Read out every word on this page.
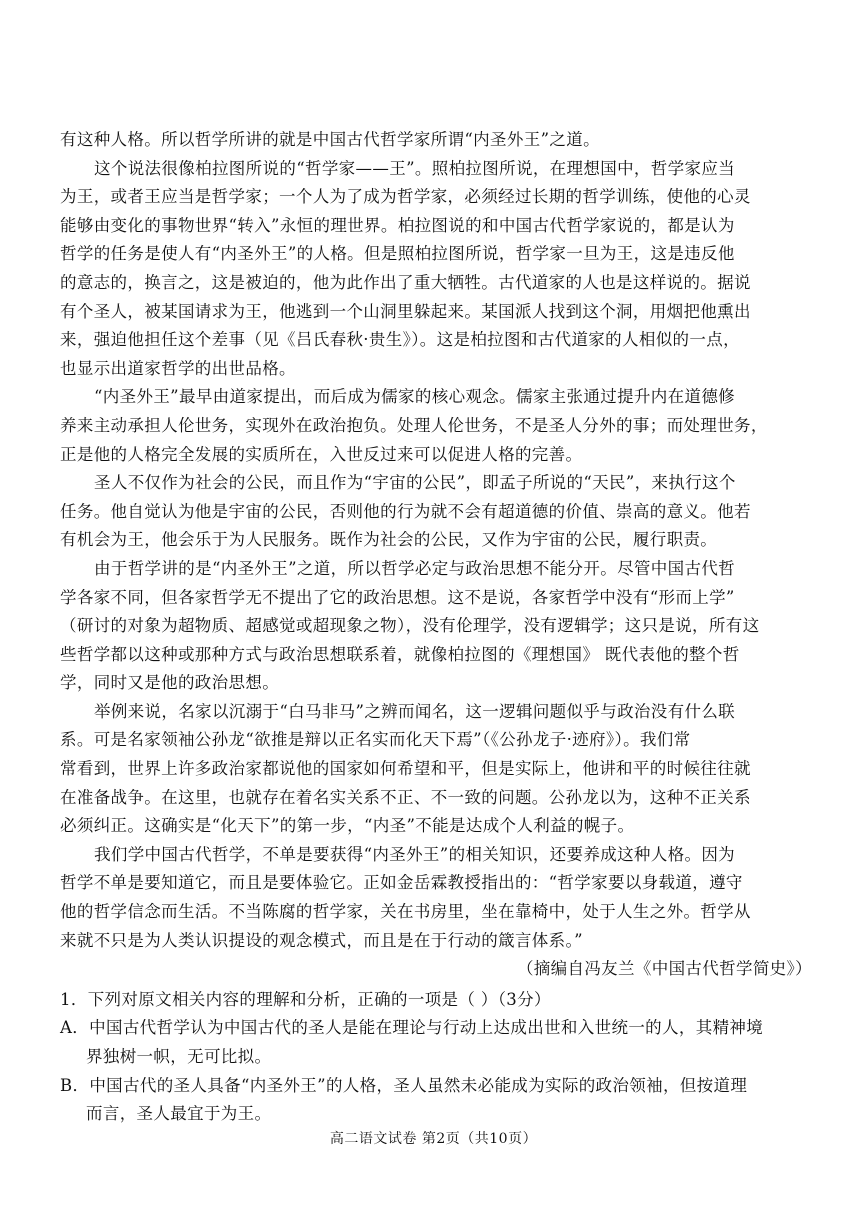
有这种人格。所以哲学所讲的就是中国古代哲学家所谓“内圣外王”之道。
这个说法很像柏拉图所说的“哲学家——王”。照柏拉图所说，在理想国中，哲学家应当
为王，或者王应当是哲学家；一个人为了成为哲学家，必须经过长期的哲学训练，使他的心灵
能够由变化的事物世界“转入”永恒的理世界。柏拉图说的和中国古代哲学家说的，都是认为
哲学的任务是使人有“内圣外王”的人格。但是照柏拉图所说，哲学家一旦为王，这是违反他
的意志的，换言之，这是被迫的，他为此作出了重大牺牲。古代道家的人也是这样说的。据说
有个圣人，被某国请求为王，他逃到一个山洞里躲起来。某国派人找到这个洞，用烟把他熏出
来，强迫他担任这个差事（见《吕氏春秋·贵生》）。这是柏拉图和古代道家的人相似的一点，
也显示出道家哲学的出世品格。
“内圣外王”最早由道家提出，而后成为儒家的核心观念。儒家主张通过提升内在道德修
养来主动承担人伦世务，实现外在政治抱负。处理人伦世务，不是圣人分外的事；而处理世务，
正是他的人格完全发展的实质所在，入世反过来可以促进人格的完善。
圣人不仅作为社会的公民，而且作为“宇宙的公民”，即孟子所说的“天民”，来执行这个
任务。他自觉认为他是宇宙的公民，否则他的行为就不会有超道德的价值、崇高的意义。他若
有机会为王，他会乐于为人民服务。既作为社会的公民，又作为宇宙的公民，履行职责。
由于哲学讲的是“内圣外王”之道，所以哲学必定与政治思想不能分开。尽管中国古代哲
学各家不同，但各家哲学无不提出了它的政治思想。这不是说，各家哲学中没有“形而上学”
（研讨的对象为超物质、超感觉或超现象之物），没有伦理学，没有逻辑学；这只是说，所有这
些哲学都以这种或那种方式与政治思想联系着，就像柏拉图的《理想国》 既代表他的整个哲
学，同时又是他的政治思想。
举例来说，名家以沉溺于“白马非马”之辨而闻名，这一逻辑问题似乎与政治没有什么联
系。可是名家领袖公孙龙“欲推是辩以正名实而化天下焉”（《公孙龙子·迹府》）。我们常
常看到，世界上许多政治家都说他的国家如何希望和平，但是实际上，他讲和平的时候往往就
在准备战争。在这里，也就存在着名实关系不正、不一致的问题。公孙龙以为，这种不正关系
必须纠正。这确实是“化天下”的第一步，“内圣”不能是达成个人利益的幌子。
我们学中国古代哲学，不单是要获得“内圣外王”的相关知识，还要养成这种人格。因为
哲学不单是要知道它，而且是要体验它。正如金岳霖教授指出的：“哲学家要以身载道，遵守
他的哲学信念而生活。不当陈腐的哲学家，关在书房里，坐在靠椅中，处于人生之外。哲学从
来就不只是为人类认识提设的观念模式，而且是在于行动的箴言体系。”
（摘编自冯友兰《中国古代哲学简史》）
1．下列对原文相关内容的理解和分析，正确的一项是（ ）（3分）
A．中国古代哲学认为中国古代的圣人是能在理论与行动上达成出世和入世统一的人，其精神境
界独树一帜，无可比拟。
B．中国古代的圣人具备“内圣外王”的人格，圣人虽然未必能成为实际的政治领袖，但按道理
而言，圣人最宜于为王。
高二语文试卷 第2页（共10页）
